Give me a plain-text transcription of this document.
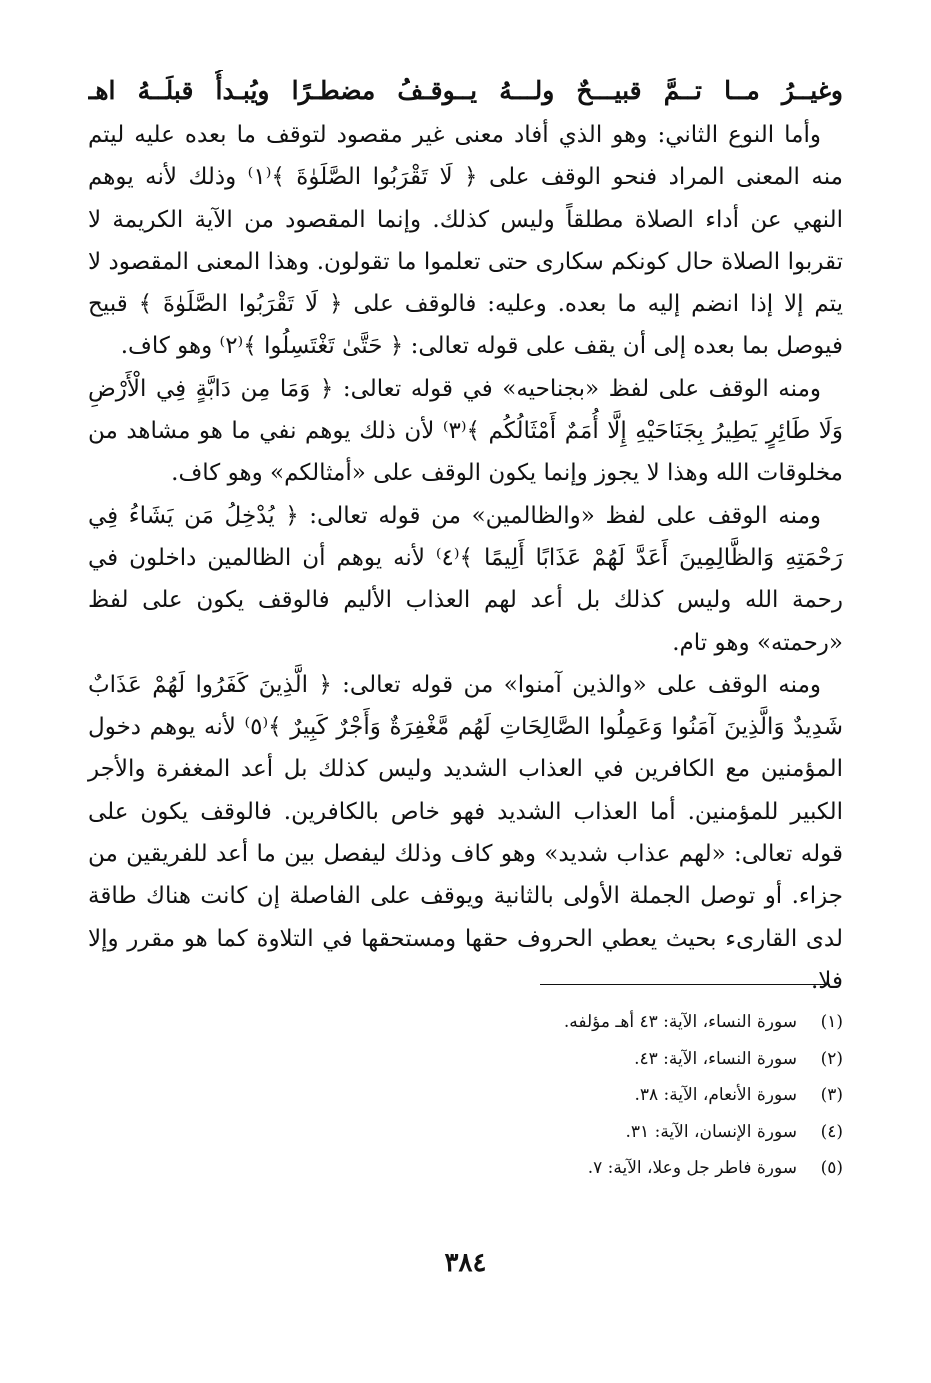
وغيــرُ مــا تــمَّ قبيـــحٌ ولـــهُ يــوقـفُ مضطـرًا ويُبـدأُ قبلَــهُ اهـ

وأما النوع الثاني: وهو الذي أفاد معنى غير مقصود لتوقف ما بعده عليه ليتم منه المعنى المراد فنحو الوقف على ﴿ لَا تَقْرَبُوا الصَّلَوٰةَ ﴾⁽١⁾ وذلك لأنه يوهم النهي عن أداء الصلاة مطلقاً وليس كذلك. وإنما المقصود من الآية الكريمة لا تقربوا الصلاة حال كونكم سكارى حتى تعلموا ما تقولون. وهذا المعنى المقصود لا يتم إلا إذا انضم إليه ما بعده. وعليه: فالوقف على ﴿ لَا تَقْرَبُوا الصَّلَوٰةَ ﴾ قبيح فيوصل بما بعده إلى أن يقف على قوله تعالى: ﴿ حَتَّىٰ تَغْتَسِلُوا ﴾⁽٢⁾ وهو كاف.

ومنه الوقف على لفظ «بجناحيه» في قوله تعالى: ﴿ وَمَا مِن دَابَّةٍ فِي الْأَرْضِ وَلَا طَائِرٍ يَطِيرُ بِجَنَاحَيْهِ إِلَّا أُمَمٌ أَمْثَالُكُم ﴾⁽٣⁾ لأن ذلك يوهم نفي ما هو مشاهد من مخلوقات الله وهذا لا يجوز وإنما يكون الوقف على «أمثالكم» وهو كاف.

ومنه الوقف على لفظ «والظالمين» من قوله تعالى: ﴿ يُدْخِلُ مَن يَشَاءُ فِي رَحْمَتِهِ وَالظَّالِمِينَ أَعَدَّ لَهُمْ عَذَابًا أَلِيمًا ﴾⁽٤⁾ لأنه يوهم أن الظالمين داخلون في رحمة الله وليس كذلك بل أعد لهم العذاب الأليم فالوقف يكون على لفظ «رحمته» وهو تام.

ومنه الوقف على «والذين آمنوا» من قوله تعالى: ﴿ الَّذِينَ كَفَرُوا لَهُمْ عَذَابٌ شَدِيدٌ وَالَّذِينَ آمَنُوا وَعَمِلُوا الصَّالِحَاتِ لَهُم مَّغْفِرَةٌ وَأَجْرٌ كَبِيرٌ ﴾⁽٥⁾ لأنه يوهم دخول المؤمنين مع الكافرين في العذاب الشديد وليس كذلك بل أعد المغفرة والأجر الكبير للمؤمنين. أما العذاب الشديد فهو خاص بالكافرين. فالوقف يكون على قوله تعالى: «لهم عذاب شديد» وهو كاف وذلك ليفصل بين ما أعد للفريقين من جزاء. أو توصل الجملة الأولى بالثانية ويوقف على الفاصلة إن كانت هناك طاقة لدى القارىء بحيث يعطي الحروف حقها ومستحقها في التلاوة كما هو مقرر وإلا فلا.

(١)سورة النساء، الآية: ٤٣ أهـ مؤلفه.
(٢)سورة النساء، الآية: ٤٣.
(٣)سورة الأنعام، الآية: ٣٨.
(٤)سورة الإنسان، الآية: ٣١.
(٥)سورة فاطر جل وعلا، الآية: ٧.
٣٨٤
